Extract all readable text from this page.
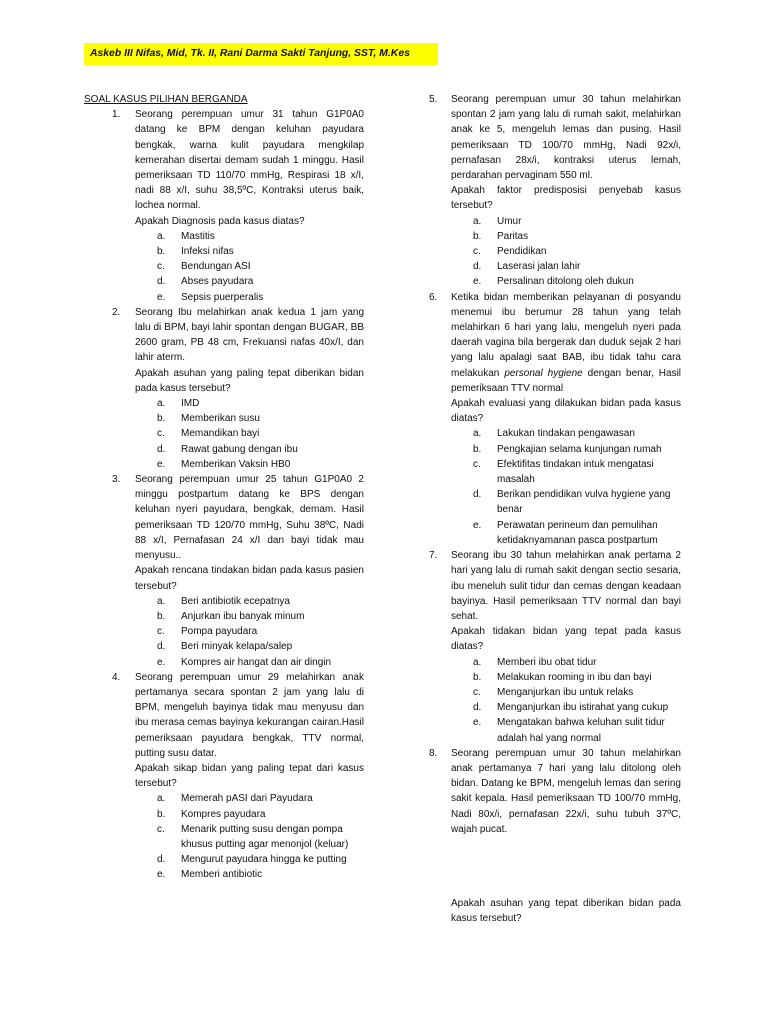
Askeb III Nifas, Mid, Tk. II, Rani Darma Sakti Tanjung, SST, M.Kes
SOAL KASUS PILIHAN BERGANDA
1. Seorang perempuan umur 31 tahun G1P0A0 datang ke BPM dengan keluhan payudara bengkak, warna kulit payudara mengkilap kemerahan disertai demam sudah 1 minggu. Hasil pemeriksaan TD 110/70 mmHg, Respirasi 18 x/I, nadi 88 x/I, suhu 38,5ºC, Kontraksi uterus baik, lochea normal.
Apakah Diagnosis pada kasus diatas?
a. Mastitis
b. Infeksi nifas
c. Bendungan ASI
d. Abses payudara
e. Sepsis puerperalis
2. Seorang Ibu melahirkan anak kedua 1 jam yang lalu di BPM, bayi lahir spontan dengan BUGAR, BB 2600 gram, PB 48 cm, Frekuansi nafas 40x/I, dan lahir aterm.
Apakah asuhan yang paling tepat diberikan bidan pada kasus tersebut?
a. IMD
b. Memberikan susu
c. Memandikan bayi
d. Rawat gabung dengan ibu
e. Memberikan Vaksin HB0
3. Seorang perempuan umur 25 tahun G1P0A0 2 minggu postpartum datang ke BPS dengan keluhan nyeri payudara, bengkak, demam. Hasil pemeriksaan TD 120/70 mmHg, Suhu 38ºC, Nadi 88 x/I, Pernafasan 24 x/I dan bayi tidak mau menyusu..
Apakah rencana tindakan bidan pada kasus pasien tersebut?
a. Beri antibiotik ecepatnya
b. Anjurkan ibu banyak minum
c. Pompa payudara
d. Beri minyak kelapa/salep
e. Kompres air hangat dan air dingin
4. Seorang perempuan umur 29 melahirkan anak pertamanya secara spontan 2 jam yang lalu di BPM, mengeluh bayinya tidak mau menyusu dan ibu merasa cemas bayinya kekurangan cairan.Hasil pemeriksaan payudara bengkak, TTV normal, putting susu datar.
Apakah sikap bidan yang paling tepat dari kasus tersebut?
a. Memerah pASI dari Payudara
b. Kompres payudara
c. Menarik putting susu dengan pompa khusus putting agar menonjol (keluar)
d. Mengurut payudara hingga ke putting
e. Memberi antibiotic
5. Seorang perempuan umur 30 tahun melahirkan spontan 2 jam yang lalu di rumah sakit, melahirkan anak ke 5, mengeluh lemas dan pusing. Hasil pemeriksaan TD 100/70 mmHg, Nadi 92x/i, pernafasan 28x/i, kontraksi uterus lemah, perdarahan pervaginam 550 ml.
Apakah faktor predisposisi penyebab kasus tersebut?
a. Umur
b. Paritas
c. Pendidikan
d. Laserasi jalan lahir
e. Persalinan ditolong oleh dukun
6. Ketika bidan memberikan pelayanan di posyandu menemui ibu berumur 28 tahun yang telah melahirkan 6 hari yang lalu, mengeluh nyeri pada daerah vagina bila bergerak dan duduk sejak 2 hari yang lalu apalagi saat BAB, ibu tidak tahu cara melakukan personal hygiene dengan benar, Hasil pemeriksaan TTV normal
Apakah evaluasi yang dilakukan bidan pada kasus diatas?
a. Lakukan tindakan pengawasan
b. Pengkajian selama kunjungan rumah
c. Efektifitas tindakan intuk mengatasi masalah
d. Berikan pendidikan vulva hygiene yang benar
e. Perawatan perineum dan pemulihan ketidaknyamanan pasca postpartum
7. Seorang ibu 30 tahun melahirkan anak pertama 2 hari yang lalu di rumah sakit dengan sectio sesaria, ibu meneluh sulit tidur dan cemas dengan keadaan bayinya. Hasil pemeriksaan TTV normal dan bayi sehat.
Apakah tidakan bidan yang tepat pada kasus diatas?
a. Memberi ibu obat tidur
b. Melakukan rooming in ibu dan bayi
c. Menganjurkan ibu untuk relaks
d. Menganjurkan ibu istirahat yang cukup
e. Mengatakan bahwa keluhan sulit tidur adalah hal yang normal
8. Seorang perempuan umur 30 tahun melahirkan anak pertamanya 7 hari yang lalu ditolong oleh bidan. Datang ke BPM, mengeluh lemas dan sering sakit kepala. Hasil pemeriksaan TD 100/70 mmHg, Nadi 80x/i, pernafasan 22x/i, suhu tubuh 37ºC, wajah pucat.
Apakah asuhan yang tepat diberikan bidan pada kasus tersebut?
